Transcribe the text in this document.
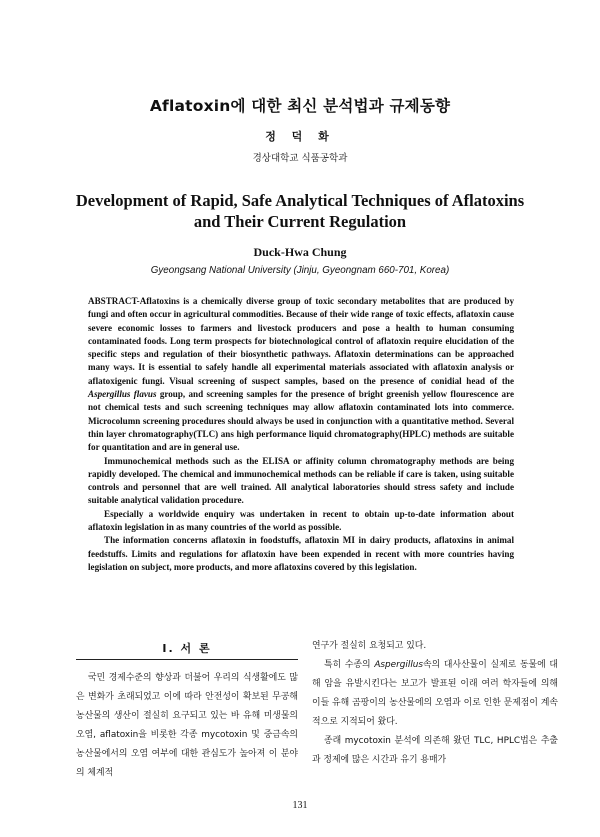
Aflatoxin에 대한 최신 분석법과 규제동향
정 덕 화
경상대학교 식품공학과
Development of Rapid, Safe Analytical Techniques of Aflatoxins
and Their Current Regulation
Duck-Hwa Chung
Gyeongsang National University (Jinju, Gyeongnam 660-701, Korea)

ABSTRACT-Aflatoxins is a chemically diverse group of toxic secondary metabolites that are produced by fungi and often occur in agricultural commodities. Because of their wide range of toxic effects, aflatoxin cause severe economic losses to farmers and livestock producers and pose a health to human consuming contaminated foods. Long term prospects for biotechnological control of aflatoxin require elucidation of the specific steps and regulation of their biosynthetic pathways. Aflatoxin determinations can be approached many ways. It is essential to safely handle all experimental materials associated with aflatoxin analysis or aflatoxigenic fungi. Visual screening of suspect samples, based on the presence of conidial head of the Aspergillus flavus group, and screening samples for the presence of bright greenish yellow flourescence are not chemical tests and such screening techniques may allow aflatoxin contaminated lots into commerce. Microcolumn screening procedures should always be used in conjunction with a quantitative method. Several thin layer chromatography(TLC) ans high performance liquid chromatography(HPLC) methods are suitable for quantitation and are in general use.

Immunochemical methods such as the ELISA or affinity column chromatography methods are being rapidly developed. The chemical and immunochemical methods can be reliable if care is taken, using suitable controls and personnel that are well trained. All analytical laboratories should stress safety and include suitable analytical validation procedure.

Especially a worldwide enquiry was undertaken in recent to obtain up-to-date information about aflatoxin legislation in as many countries of the world as possible.

The information concerns aflatoxin in foodstuffs, aflatoxin MI in dairy products, aflatoxins in animal feedstuffs. Limits and regulations for aflatoxin have been expended in recent with more countries having legislation on subject, more products, and more aflatoxins covered by this legislation.

I. 서 론

국민 경제수준의 향상과 더불어 우리의 식생활에도 많은 변화가 초래되었고 이에 따라 안전성이 확보된 무공해 농산물의 생산이 절실히 요구되고 있는 바 유해 미생물의 오염, aflatoxin을 비롯한 각종 mycotoxin 및 중금속의 농산물에서의 오염 여부에 대한 관심도가 높아져 이 분야의 체계적

연구가 절실히 요청되고 있다.

특히 수종의 Aspergillus속의 대사산물이 실제로 동물에 대해 암을 유발시킨다는 보고가 발표된 이래 여러 학자들에 의해 이들 유해 곰팡이의 농산물에의 오염과 이로 인한 문제점이 계속적으로 지적되어 왔다.

종래 mycotoxin 분석에 의존해 왔던 TLC, HPLC법은 추출과 정제에 많은 시간과 유기 용매가

131
